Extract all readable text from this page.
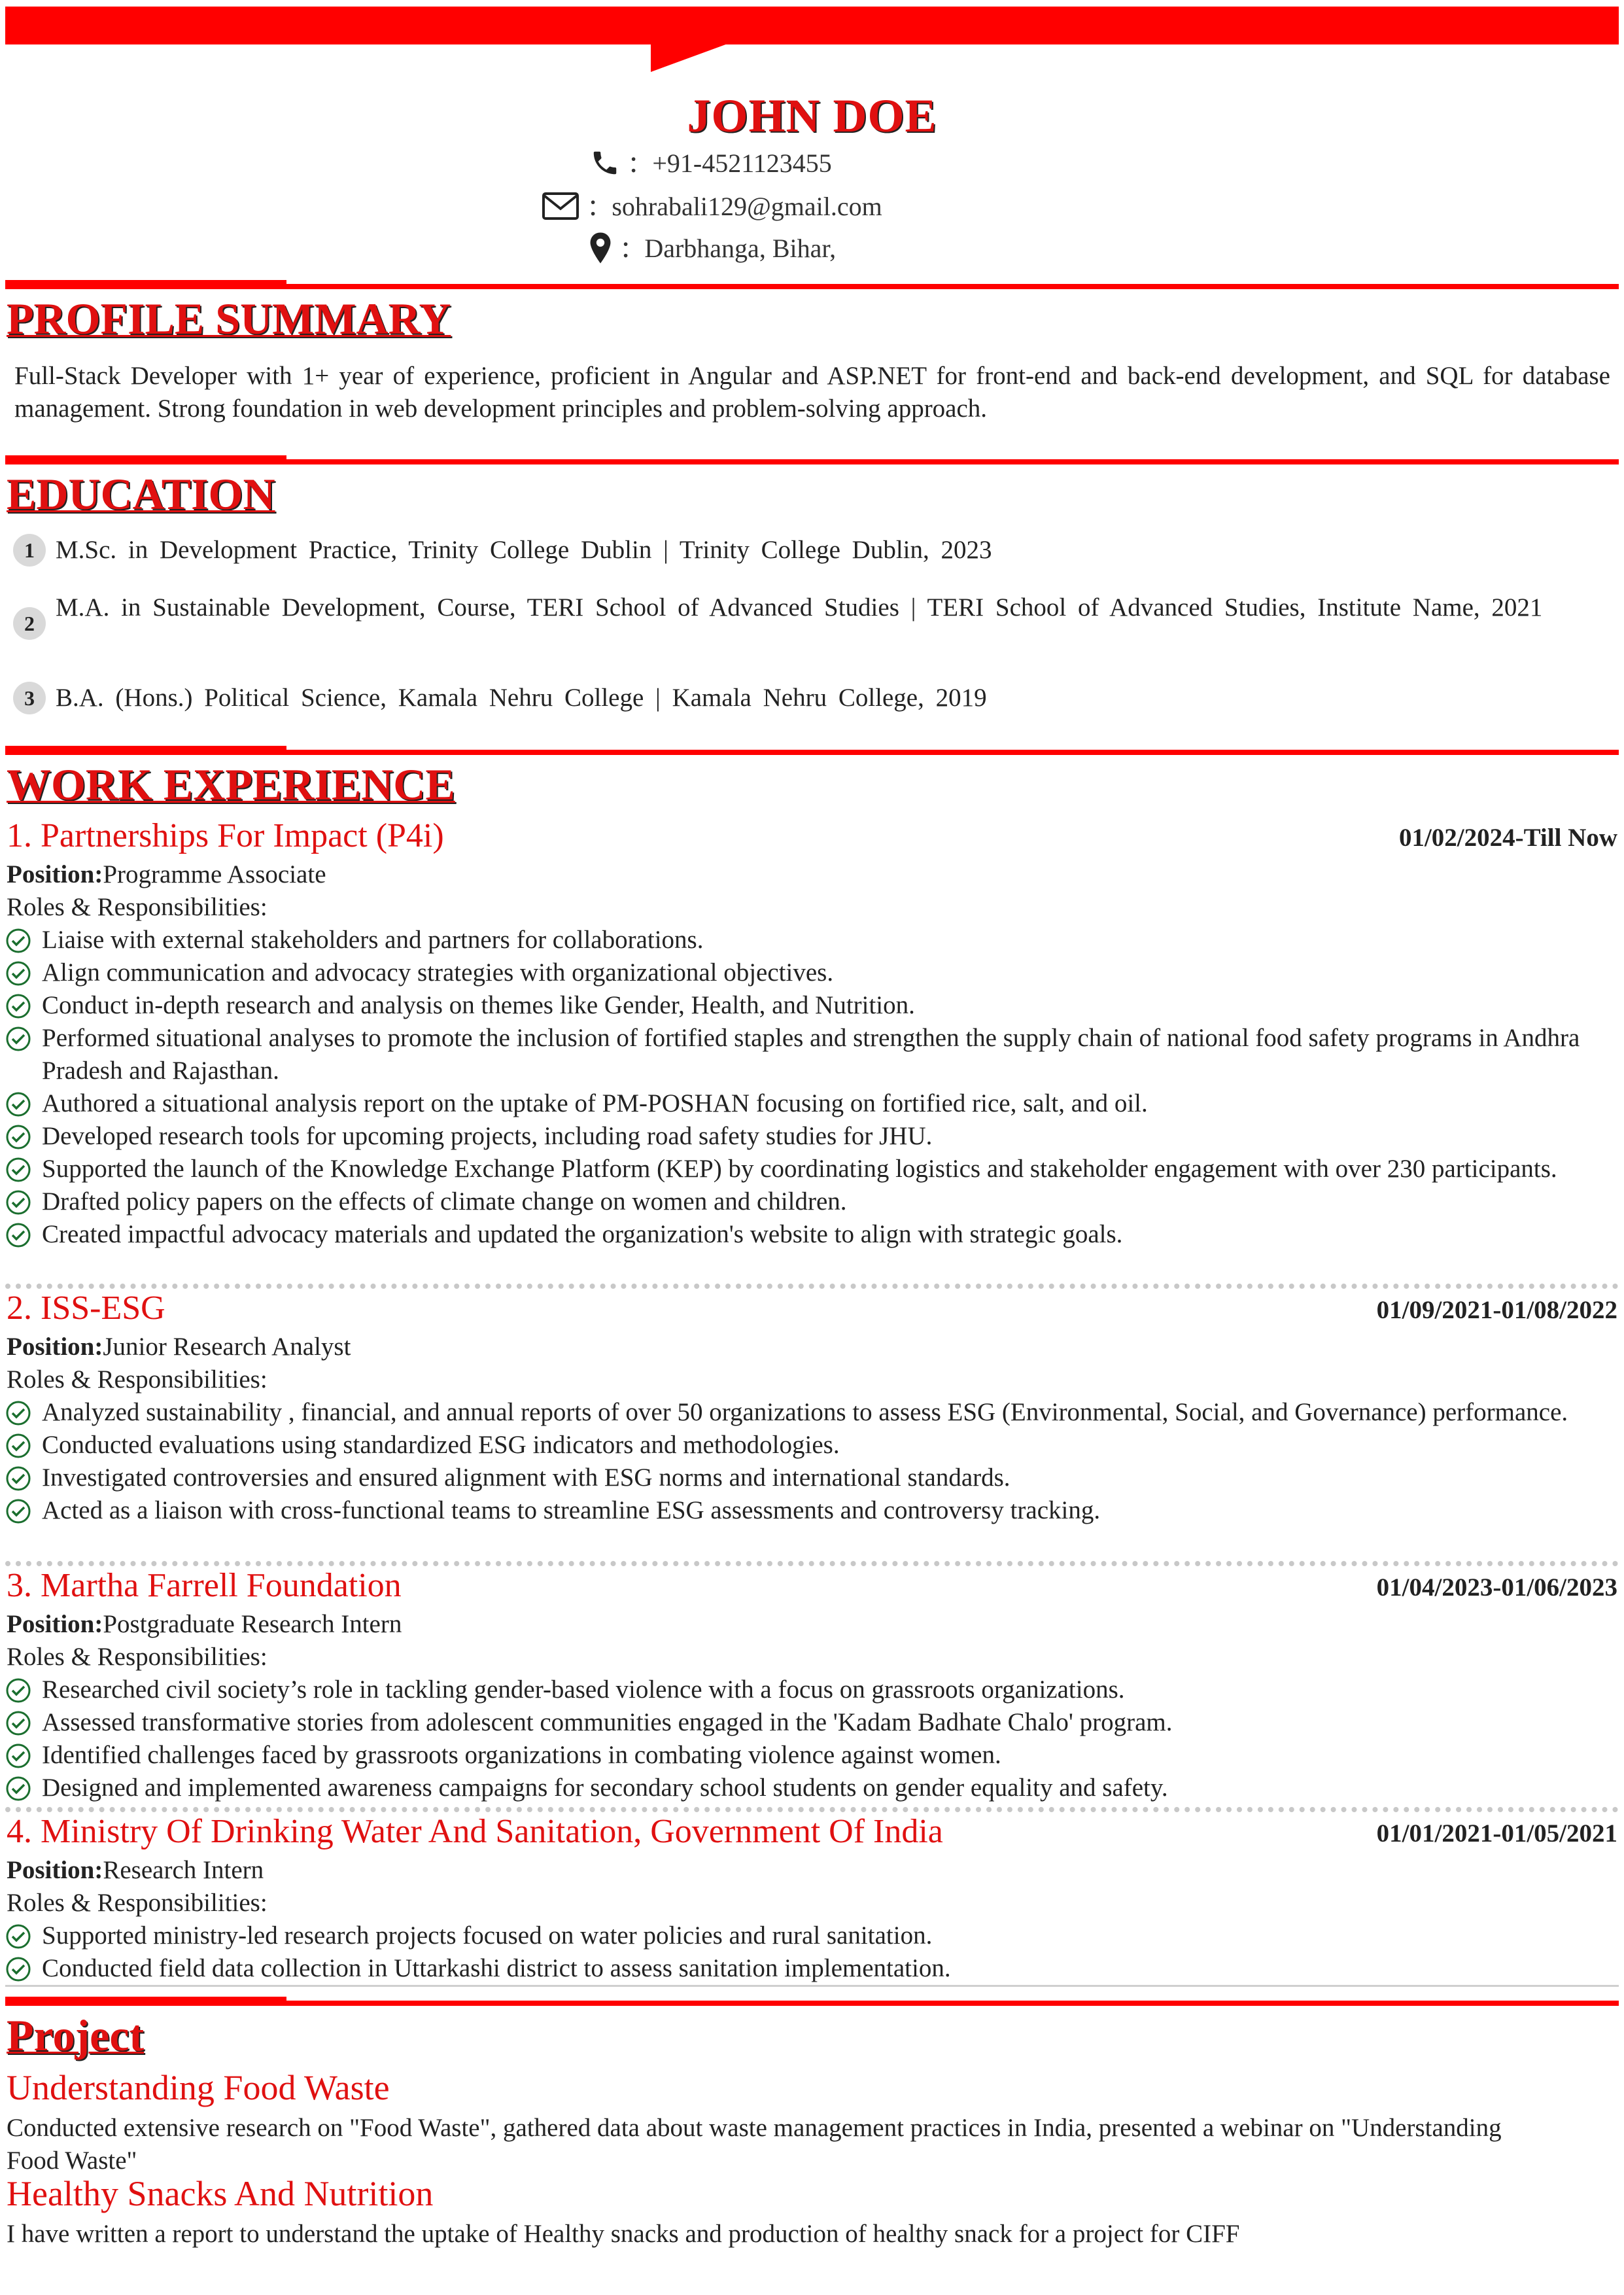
JOHN DOE
: +91-4521123455
: sohrabali129@gmail.com
: Darbhanga, Bihar,
PROFILE SUMMARY

Full-Stack Developer with 1+ year of experience, proficient in Angular and ASP.NET for front-end and back-end development, and SQL for database management. Strong foundation in web development principles and problem-solving approach.

EDUCATION
1 M.Sc. in Development Practice, Trinity College Dublin | Trinity College Dublin, 2023
2
M.A. in Sustainable Development, Course, TERI School of Advanced Studies | TERI School of Advanced Studies, Institute Name, 2021
3 B.A. (Hons.) Political Science, Kamala Nehru College | Kamala Nehru College, 2019
WORK EXPERIENCE
1. Partnerships For Impact (P4i)	01/02/2024-Till Now
Position:Programme Associate
Roles & Responsibilities:
Liaise with external stakeholders and partners for collaborations.
Align communication and advocacy strategies with organizational objectives.
Conduct in-depth research and analysis on themes like Gender, Health, and Nutrition.
Performed situational analyses to promote the inclusion of fortified staples and strengthen the supply chain of national food safety programs in Andhra Pradesh and Rajasthan.
Authored a situational analysis report on the uptake of PM-POSHAN focusing on fortified rice, salt, and oil.
Developed research tools for upcoming projects, including road safety studies for JHU.
Supported the launch of the Knowledge Exchange Platform (KEP) by coordinating logistics and stakeholder engagement with over 230 participants.
Drafted policy papers on the effects of climate change on women and children.
Created impactful advocacy materials and updated the organization's website to align with strategic goals.
2. ISS-ESG	01/09/2021-01/08/2022
Position:Junior Research Analyst
Roles & Responsibilities:
Analyzed sustainability , financial, and annual reports of over 50 organizations to assess ESG (Environmental, Social, and Governance) performance.
Conducted evaluations using standardized ESG indicators and methodologies.
Investigated controversies and ensured alignment with ESG norms and international standards.
Acted as a liaison with cross-functional teams to streamline ESG assessments and controversy tracking.
3. Martha Farrell Foundation	01/04/2023-01/06/2023
Position:Postgraduate Research Intern
Roles & Responsibilities:
Researched civil society’s role in tackling gender-based violence with a focus on grassroots organizations.
Assessed transformative stories from adolescent communities engaged in the 'Kadam Badhate Chalo' program.
Identified challenges faced by grassroots organizations in combating violence against women.
Designed and implemented awareness campaigns for secondary school students on gender equality and safety.
4. Ministry Of Drinking Water And Sanitation, Government Of India	01/01/2021-01/05/2021
Position:Research Intern
Roles & Responsibilities:
Supported ministry-led research projects focused on water policies and rural sanitation.
Conducted field data collection in Uttarkashi district to assess sanitation implementation.
Project
Understanding Food Waste

Conducted extensive research on "Food Waste", gathered data about waste management practices in India, presented a webinar on "Understanding Food Waste"

Healthy Snacks And Nutrition

I have written a report to understand the uptake of Healthy snacks and production of healthy snack for a project for CIFF
